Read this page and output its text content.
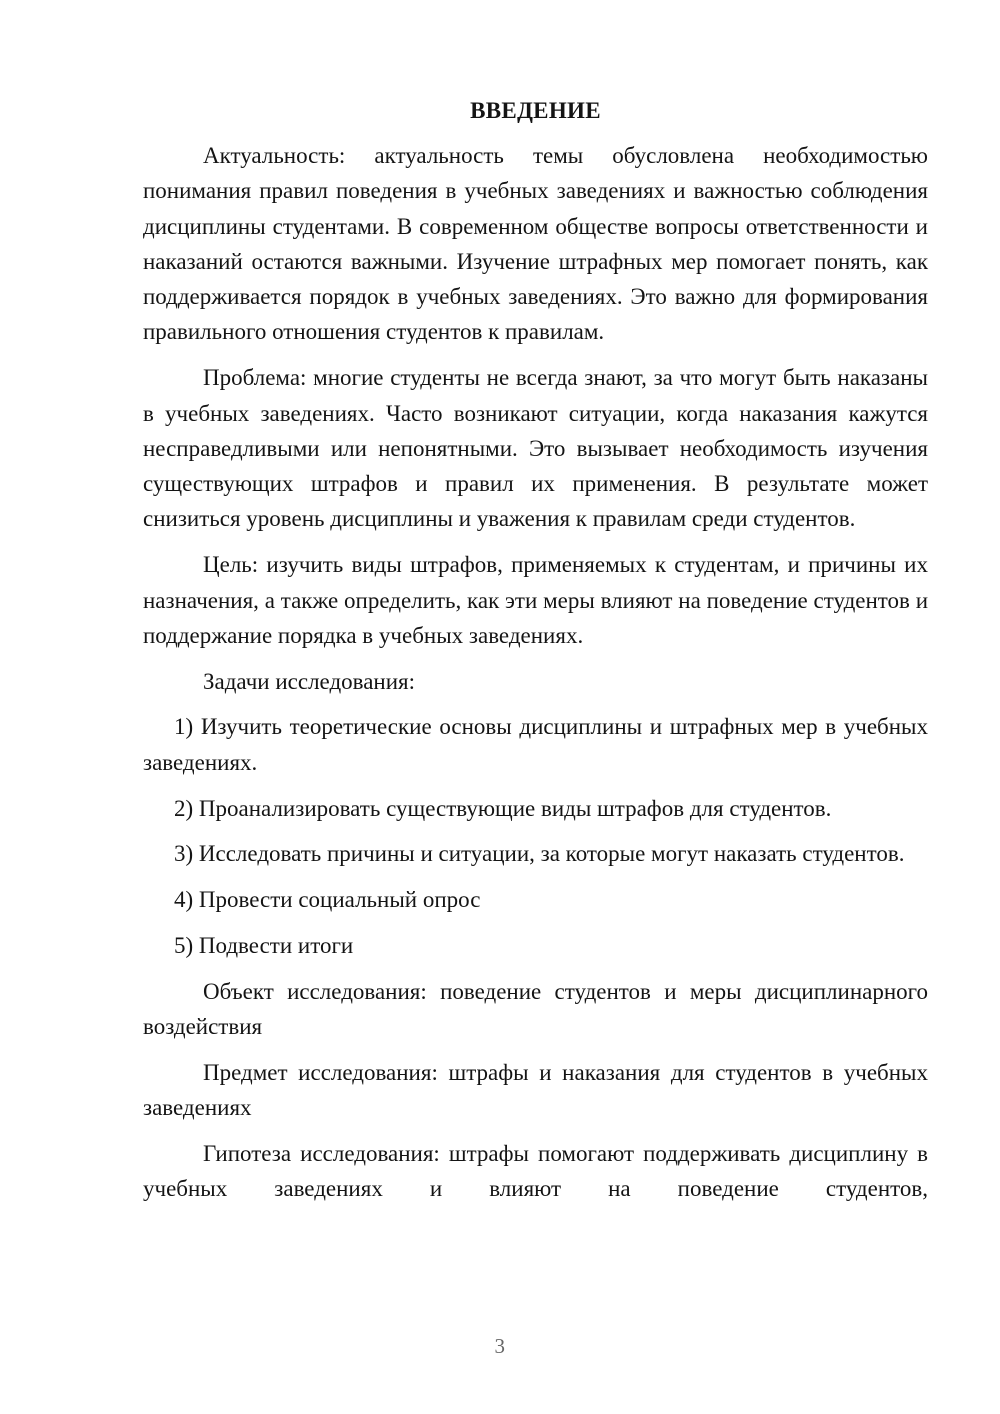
ВВЕДЕНИЕ

Актуальность: актуальность темы обусловлена необходимостью понимания правил поведения в учебных заведениях и важностью соблюдения дисциплины студентами. В современном обществе вопросы ответственности и наказаний остаются важными. Изучение штрафных мер помогает понять, как поддерживается порядок в учебных заведениях. Это важно для формирования правильного отношения студентов к правилам.

Проблема: многие студенты не всегда знают, за что могут быть наказаны в учебных заведениях. Часто возникают ситуации, когда наказания кажутся несправедливыми или непонятными. Это вызывает необходимость изучения существующих штрафов и правил их применения. В результате может снизиться уровень дисциплины и уважения к правилам среди студентов.

Цель: изучить виды штрафов, применяемых к студентам, и причины их назначения, а также определить, как эти меры влияют на поведение студентов и поддержание порядка в учебных заведениях.

Задачи исследования:

1) Изучить теоретические основы дисциплины и штрафных мер в учебных заведениях.

2) Проанализировать существующие виды штрафов для студентов.

3) Исследовать причины и ситуации, за которые могут наказать студентов.

4) Провести социальный опрос

5) Подвести итоги

Объект исследования: поведение студентов и меры дисциплинарного воздействия

Предмет исследования: штрафы и наказания для студентов в учебных заведениях

Гипотеза исследования: штрафы помогают поддерживать дисциплину в учебных заведениях и влияют на поведение студентов,

3
